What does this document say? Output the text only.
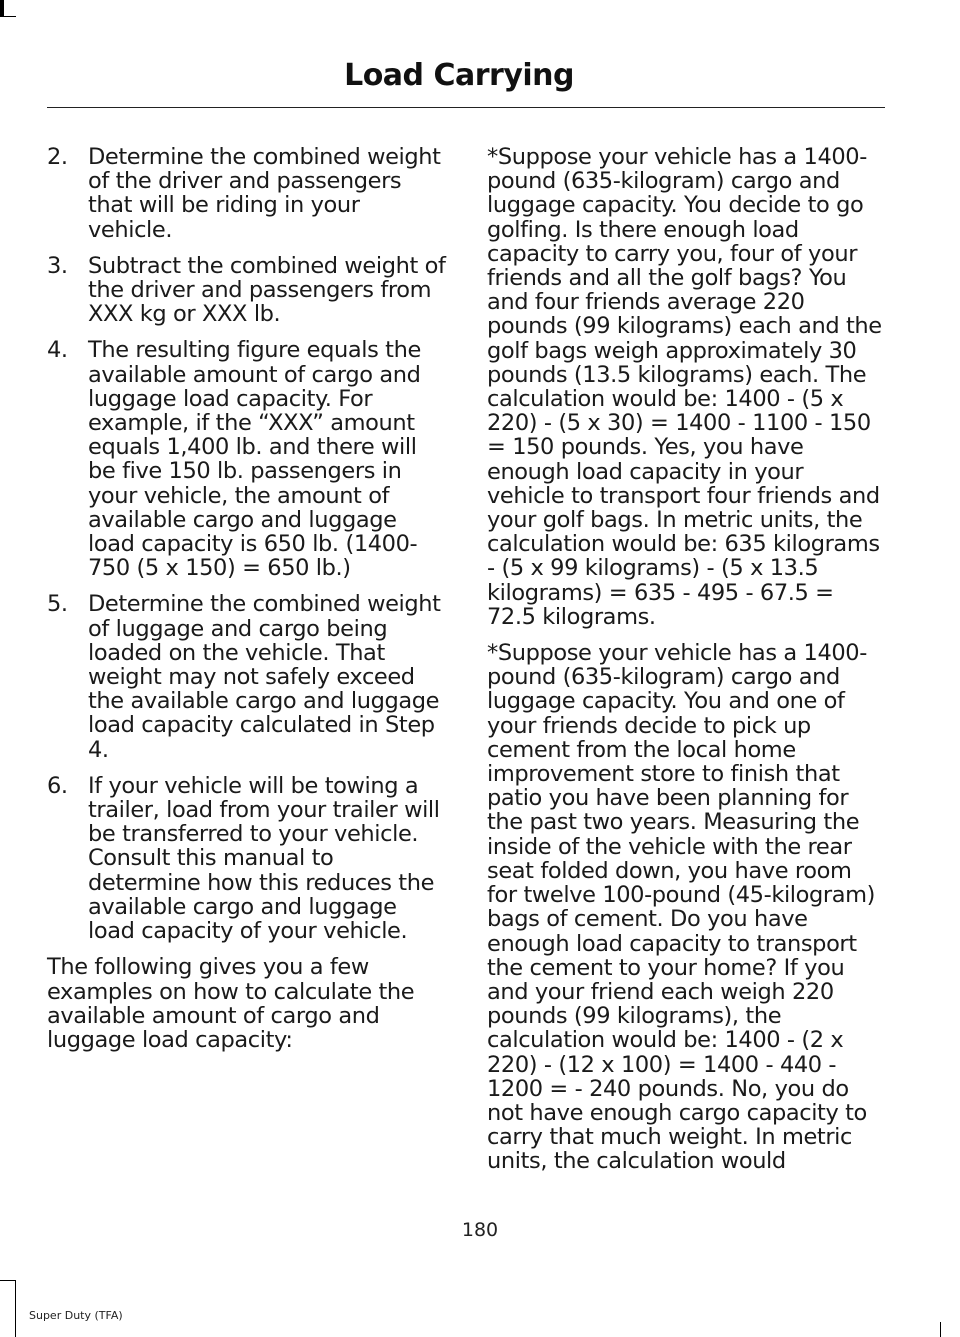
Load Carrying
2. Determine the combined weight of the driver and passengers that will be riding in your vehicle.
3. Subtract the combined weight of the driver and passengers from XXX kg or XXX lb.
4. The resulting figure equals the available amount of cargo and luggage load capacity. For example, if the “XXX” amount equals 1,400 lb. and there will be five 150 lb. passengers in your vehicle, the amount of available cargo and luggage load capacity is 650 lb. (1400-750 (5 x 150) = 650 lb.)
5. Determine the combined weight of luggage and cargo being loaded on the vehicle. That weight may not safely exceed the available cargo and luggage load capacity calculated in Step 4.
6. If your vehicle will be towing a trailer, load from your trailer will be transferred to your vehicle. Consult this manual to determine how this reduces the available cargo and luggage load capacity of your vehicle.

The following gives you a few examples on how to calculate the available amount of cargo and luggage load capacity:

*Suppose your vehicle has a 1400-pound (635-kilogram) cargo and luggage capacity. You decide to go golfing. Is there enough load capacity to carry you, four of your friends and all the golf bags? You and four friends average 220 pounds (99 kilograms) each and the golf bags weigh approximately 30 pounds (13.5 kilograms) each. The calculation would be: 1400 - (5 x 220) - (5 x 30) = 1400 - 1100 - 150 = 150 pounds. Yes, you have enough load capacity in your vehicle to transport four friends and your golf bags. In metric units, the calculation would be: 635 kilograms - (5 x 99 kilograms) - (5 x 13.5 kilograms) = 635 - 495 - 67.5 = 72.5 kilograms.

*Suppose your vehicle has a 1400-pound (635-kilogram) cargo and luggage capacity. You and one of your friends decide to pick up cement from the local home improvement store to finish that patio you have been planning for the past two years. Measuring the inside of the vehicle with the rear seat folded down, you have room for twelve 100-pound (45-kilogram) bags of cement. Do you have enough load capacity to transport the cement to your home? If you and your friend each weigh 220 pounds (99 kilograms), the calculation would be: 1400 - (2 x 220) - (12 x 100) = 1400 - 440 - 1200 = - 240 pounds. No, you do not have enough cargo capacity to carry that much weight. In metric units, the calculation would

180
Super Duty (TFA)
